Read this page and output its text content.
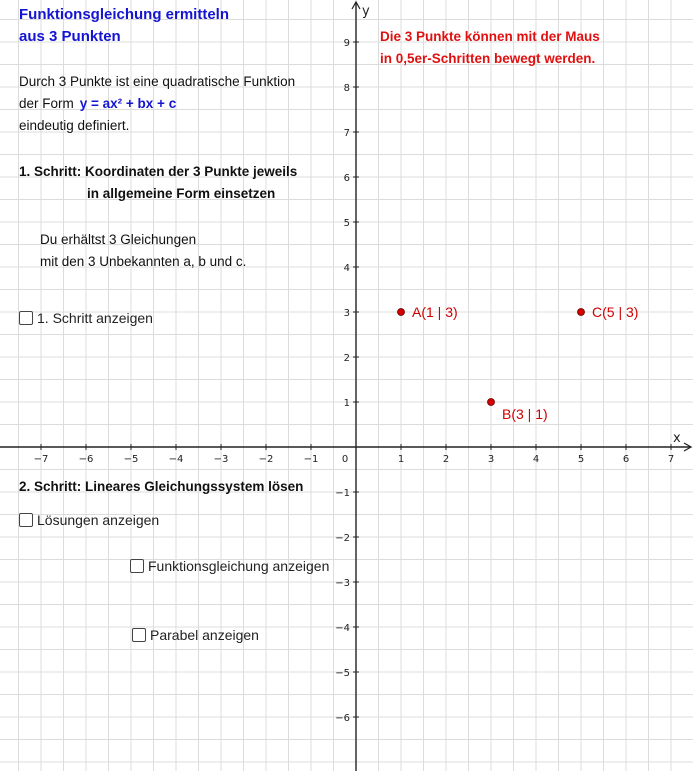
x
y
−7	−6	−5	−4	−3	−2	−1 0	1	2	3	4	5	6	7
9
8
7
6
5
4
3
2
1
−1
−2
−3
−4
−5
−6
Funktionsgleichung ermitteln
aus 3 Punkten	Die 3 Punkte können mit der Maus
in 0,5er-Schritten bewegt werden.
Durch 3 Punkte ist eine quadratische Funktion
der Form y = ax² + bx + c
eindeutig definiert.
1. Schritt: Koordinaten der 3 Punkte jeweils
in allgemeine Form einsetzen
Du erhältst 3 Gleichungen
mit den 3 Unbekannten a, b und c.
1. Schritt anzeigen
2. Schritt: Lineares Gleichungssystem lösen
Lösungen anzeigen
Funktionsgleichung anzeigen
Parabel anzeigen
A(1 | 3)
B(3 | 1)
C(5 | 3)
